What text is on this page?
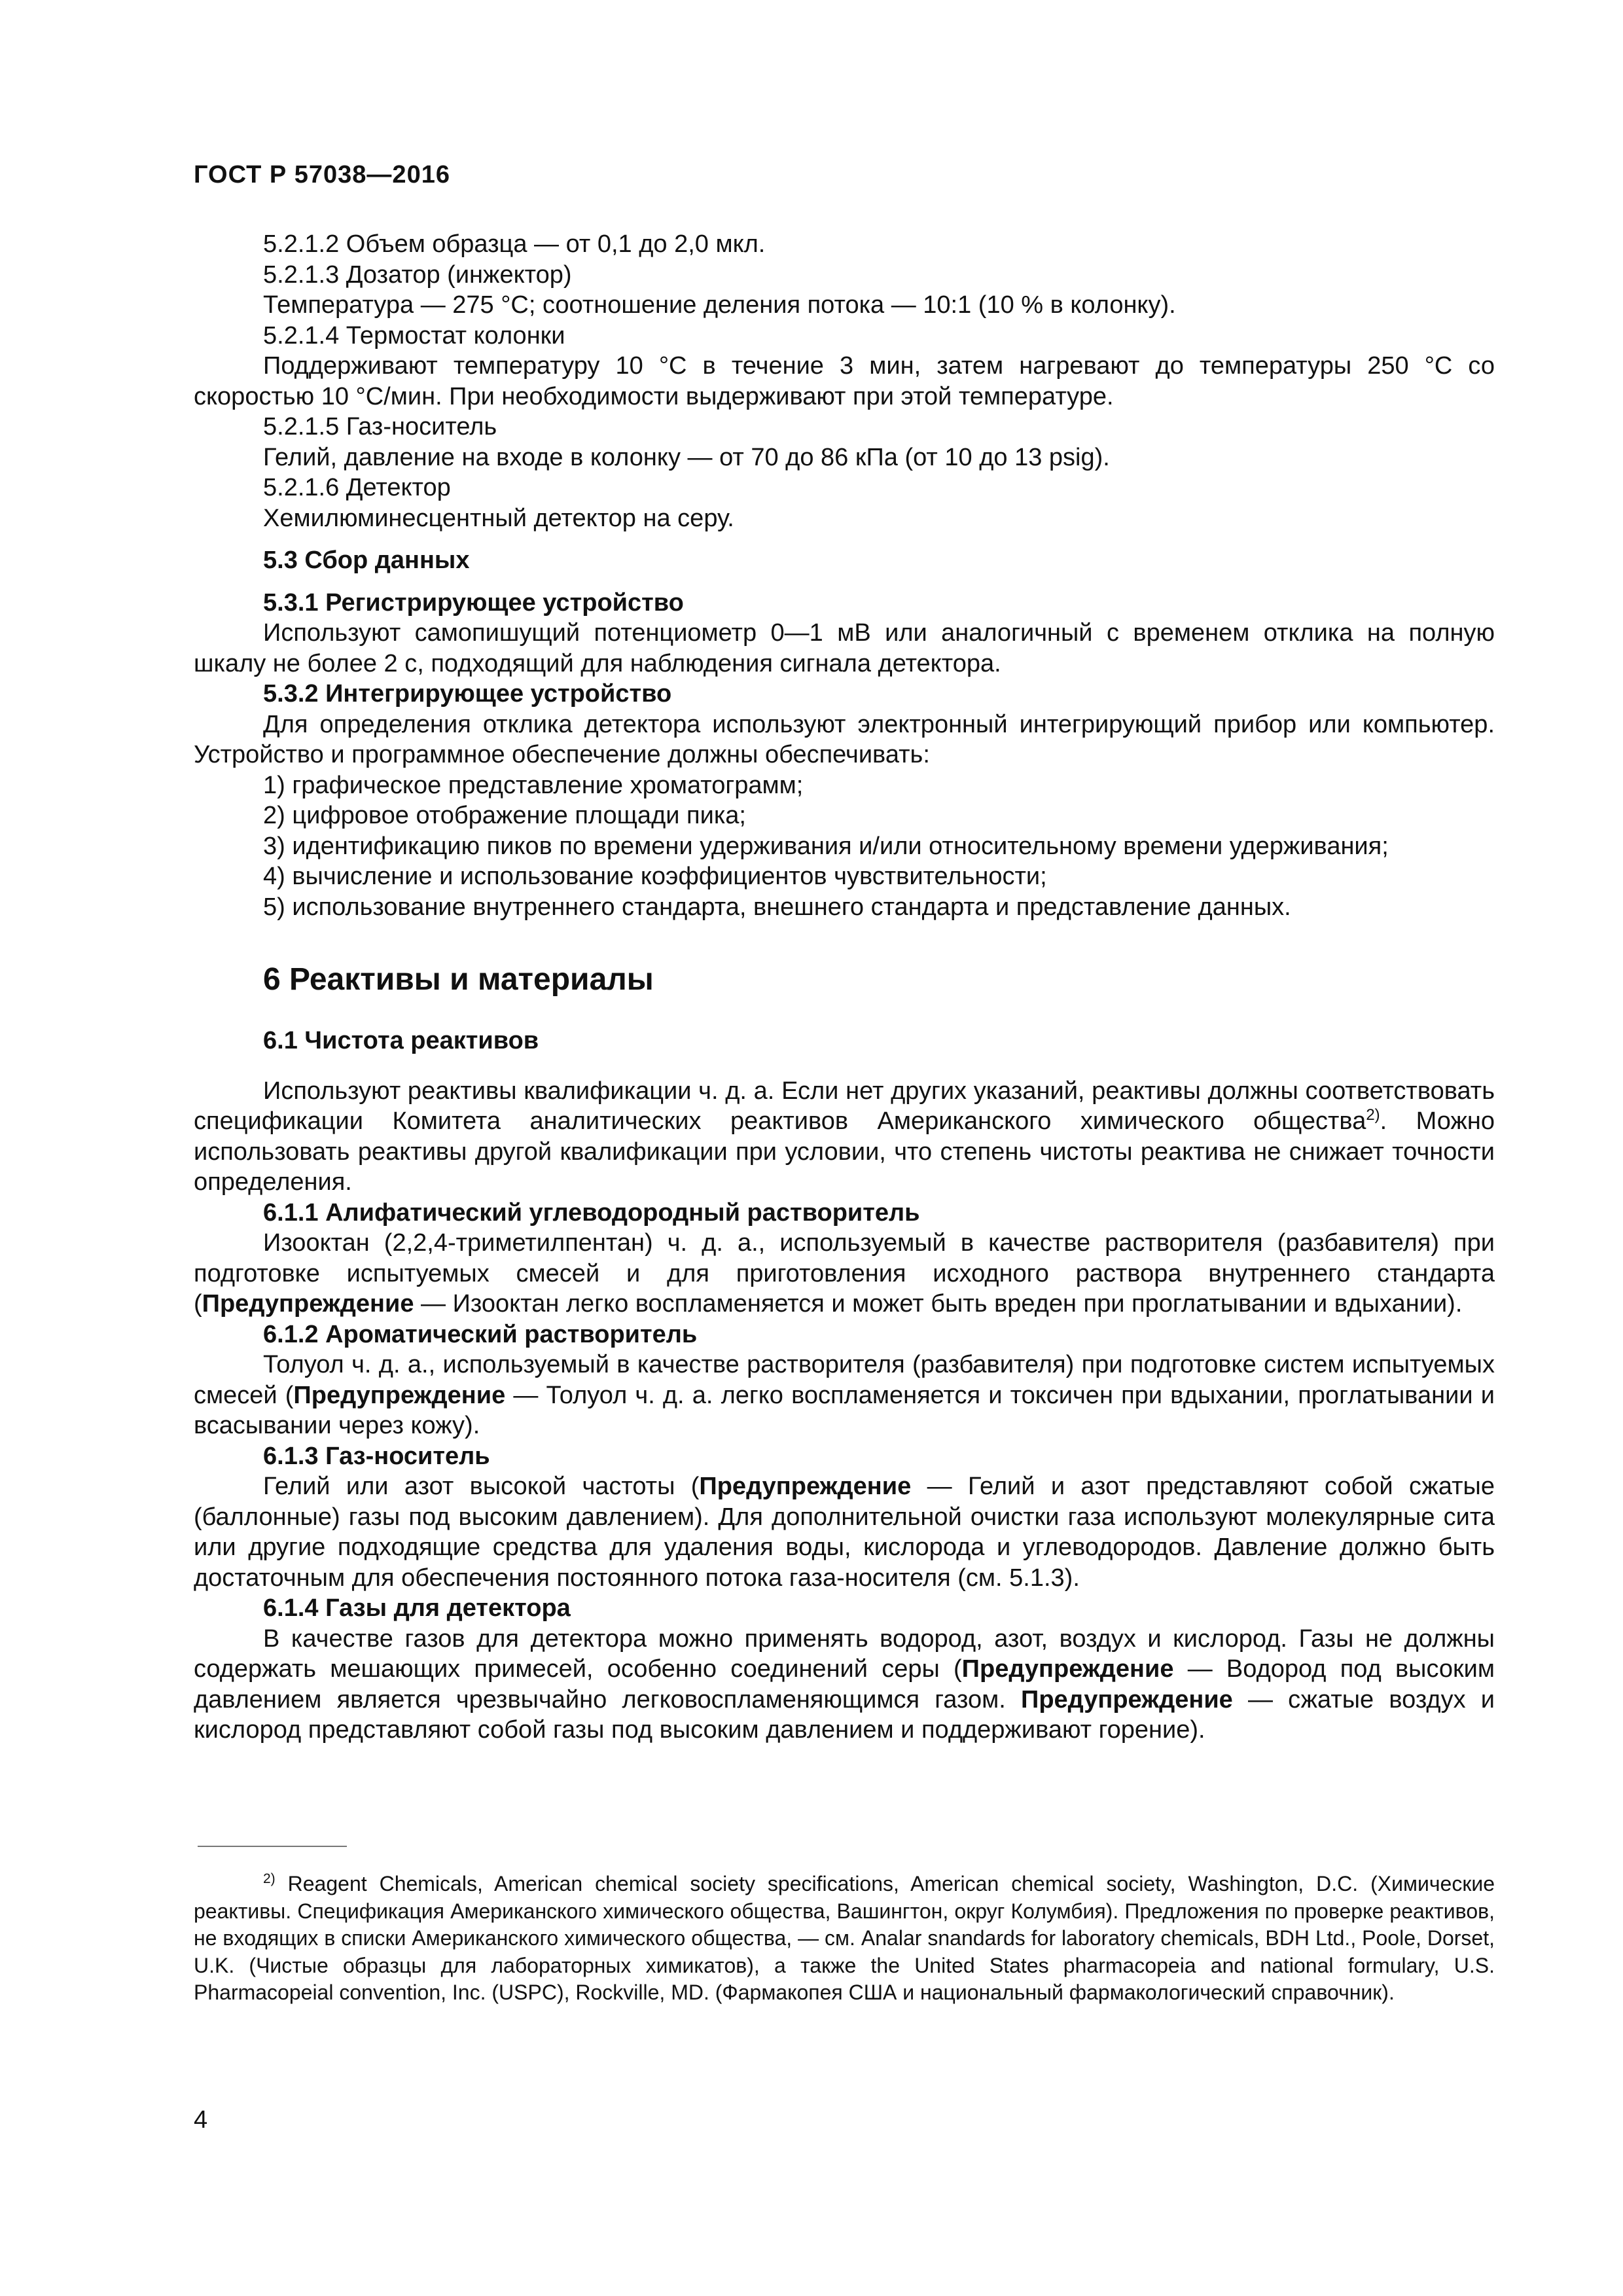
ГОСТ Р 57038—2016

5.2.1.2 Объем образца — от 0,1 до 2,0 мкл.

5.2.1.3 Дозатор (инжектор)

Температура — 275 °С; соотношение деления потока — 10:1 (10 % в колонку).

5.2.1.4 Термостат колонки

Поддерживают температуру 10 °С в течение 3 мин, затем нагревают до температуры 250 °С со скоростью 10 °С/мин. При необходимости выдерживают при этой температуре.

5.2.1.5 Газ-носитель

Гелий, давление на входе в колонку — от 70 до 86 кПа (от 10 до 13 psig).

5.2.1.6 Детектор

Хемилюминесцентный детектор на серу.

5.3 Сбор данных

5.3.1 Регистрирующее устройство

Используют самопишущий потенциометр 0—1 мВ или аналогичный с временем отклика на полную шкалу не более 2 с, подходящий для наблюдения сигнала детектора.

5.3.2 Интегрирующее устройство

Для определения отклика детектора используют электронный интегрирующий прибор или компьютер. Устройство и программное обеспечение должны обеспечивать:

1) графическое представление хроматограмм;

2) цифровое отображение площади пика;

3) идентификацию пиков по времени удерживания и/или относительному времени удерживания;

4) вычисление и использование коэффициентов чувствительности;

5) использование внутреннего стандарта, внешнего стандарта и представление данных.

6 Реактивы и материалы

6.1 Чистота реактивов

Используют реактивы квалификации ч. д. а. Если нет других указаний, реактивы должны соответствовать спецификации Комитета аналитических реактивов Американского химического общества$^{2)}$. Можно использовать реактивы другой квалификации при условии, что степень чистоты реактива не снижает точности определения.

6.1.1 Алифатический углеводородный растворитель

Изооктан (2,2,4-триметилпентан) ч. д. а., используемый в качестве растворителя (разбавителя) при подготовке испытуемых смесей и для приготовления исходного раствора внутреннего стандарта (Предупреждение — Изооктан легко воспламеняется и может быть вреден при проглатывании и вдыхании).

6.1.2 Ароматический растворитель

Толуол ч. д. а., используемый в качестве растворителя (разбавителя) при подготовке систем испытуемых смесей (Предупреждение — Толуол ч. д. а. легко воспламеняется и токсичен при вдыхании, проглатывании и всасывании через кожу).

6.1.3 Газ-носитель

Гелий или азот высокой частоты (Предупреждение — Гелий и азот представляют собой сжатые (баллонные) газы под высоким давлением). Для дополнительной очистки газа используют молекулярные сита или другие подходящие средства для удаления воды, кислорода и углеводородов. Давление должно быть достаточным для обеспечения постоянного потока газа-носителя (см. 5.1.3).

6.1.4 Газы для детектора

В качестве газов для детектора можно применять водород, азот, воздух и кислород. Газы не должны содержать мешающих примесей, особенно соединений серы (Предупреждение — Водород под высоким давлением является чрезвычайно легковоспламеняющимся газом. Предупреждение — сжатые воздух и кислород представляют собой газы под высоким давлением и поддерживают горение).

$^{2)}$ Reagent Chemicals, American chemical society specifications, American chemical society, Washington, D.C. (Химические реактивы. Спецификация Американского химического общества, Вашингтон, округ Колумбия). Предложения по проверке реактивов, не входящих в списки Американского химического общества, — см. Analar snandards for laboratory chemicals, BDH Ltd., Poole, Dorset, U.K. (Чистые образцы для лабораторных химикатов), а также the United States pharmacopeia and national formulary, U.S. Pharmacopeial convention, Inc. (USPC), Rockville, MD. (Фармакопея США и национальный фармакологический справочник).

4
